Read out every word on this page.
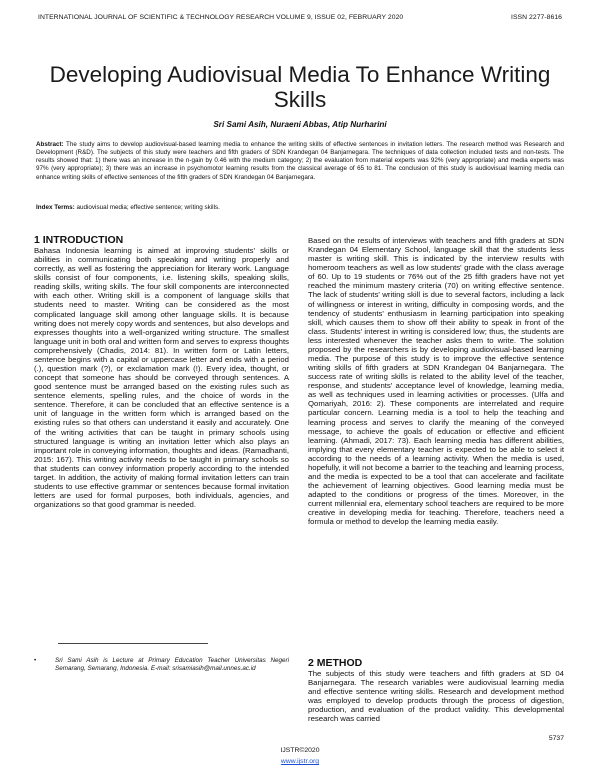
INTERNATIONAL JOURNAL OF SCIENTIFIC & TECHNOLOGY RESEARCH VOLUME 9, ISSUE 02, FEBRUARY 2020	ISSN 2277-8616
Developing Audiovisual Media To Enhance Writing Skills
Sri Sami Asih, Nuraeni Abbas, Atip Nurharini
Abstract: The study aims to develop audiovisual-based learning media to enhance the writing skills of effective sentences in invitation letters. The research method was Research and Development (R&D). The subjects of this study were teachers and fifth graders of SDN Krandegan 04 Banjarnegara. The techniques of data collection included tests and non-tests. The results showed that: 1) there was an increase in the n-gain by 0.46 with the medium category; 2) the evaluation from material experts was 92% (very appropriate) and media experts was 97% (very appropriate); 3) there was an increase in psychomotor learning results from the classical average of 65 to 81. The conclusion of this study is audiovisual learning media can enhance writing skills of effective sentences of the fifth graders of SDN Krandegan 04 Banjarnegara.
Index Terms: audiovisual media; effective sentence; writing skills.

1 INTRODUCTION

Bahasa Indonesia learning is aimed at improving students' skills or abilities in communicating both speaking and writing properly and correctly, as well as fostering the appreciation for literary work. Language skills consist of four components, i.e. listening skills, speaking skills, reading skills, writing skills. The four skill components are interconnected with each other. Writing skill is a component of language skills that students need to master. Writing can be considered as the most complicated language skill among other language skills. It is because writing does not merely copy words and sentences, but also develops and expresses thoughts into a well-organized writing structure. The smallest language unit in both oral and written form and serves to express thoughts comprehensively (Chadis, 2014: 81). In written form or Latin letters, sentence begins with a capital or uppercase letter and ends with a period (.), question mark (?), or exclamation mark (!). Every idea, thought, or concept that someone has should be conveyed through sentences. A good sentence must be arranged based on the existing rules such as sentence elements, spelling rules, and the choice of words in the sentence. Therefore, it can be concluded that an effective sentence is a unit of language in the written form which is arranged based on the existing rules so that others can understand it easily and accurately. One of the writing activities that can be taught in primary schools using structured language is writing an invitation letter which also plays an important role in conveying information, thoughts and ideas. (Ramadhanti, 2015: 167). This writing activity needs to be taught in primary schools so that students can convey information properly according to the intended target. In addition, the activity of making formal invitation letters can train students to use effective grammar or sentences because formal invitation letters are used for formal purposes, both individuals, agencies, and organizations so that good grammar is needed.

Based on the results of interviews with teachers and fifth graders at SDN Krandegan 04 Elementary School, language skill that the students less master is writing skill. This is indicated by the interview results with homeroom teachers as well as low students' grade with the class average of 60. Up to 19 students or 76% out of the 25 fifth graders have not yet reached the minimum mastery criteria (70) on writing effective sentence. The lack of students' writing skill is due to several factors, including a lack of willingness or interest in writing, difficulty in composing words, and the tendency of students' enthusiasm in learning participation into speaking skill, which causes them to show off their ability to speak in front of the class. Students' interest in writing is considered low; thus, the students are less interested whenever the teacher asks them to write. The solution proposed by the researchers is by developing audiovisual-based learning media. The purpose of this study is to improve the effective sentence writing skills of fifth graders at SDN Krandegan 04 Banjarnegara. The success rate of writing skills is related to the ability level of the teacher, response, and students' acceptance level of knowledge, learning media, as well as techniques used in learning activities or processes. (Ulfa and Qomariyah, 2016: 2). These components are interrelated and require particular concern. Learning media is a tool to help the teaching and learning process and serves to clarify the meaning of the conveyed message, to achieve the goals of education or effective and efficient learning. (Ahmadi, 2017: 73). Each learning media has different abilities, implying that every elementary teacher is expected to be able to select it according to the needs of a learning activity. When the media is used, hopefully, it will not become a barrier to the teaching and learning process, and the media is expected to be a tool that can accelerate and facilitate the achievement of learning objectives. Good learning media must be adapted to the conditions or progress of the times. Moreover, in the current millennial era, elementary school teachers are required to be more creative in developing media for teaching. Therefore, teachers need a formula or method to develop the learning media easily.

2 METHOD

The subjects of this study were teachers and fifth graders at SD 04 Banjarnegara. The research variables were audiovisual learning media and effective sentence writing skills. Research and development method was employed to develop products through the process of digestion, production, and evaluation of the product validity. This developmental research was carried

•	Sri Sami Asih is Lecture at Primary Education Teacher Universitas Negeri Semarang, Semarang, Indonesia. E-mail: srisamiasih@mail.unnes.ac.id
5737
IJSTR©2020
www.ijstr.org
